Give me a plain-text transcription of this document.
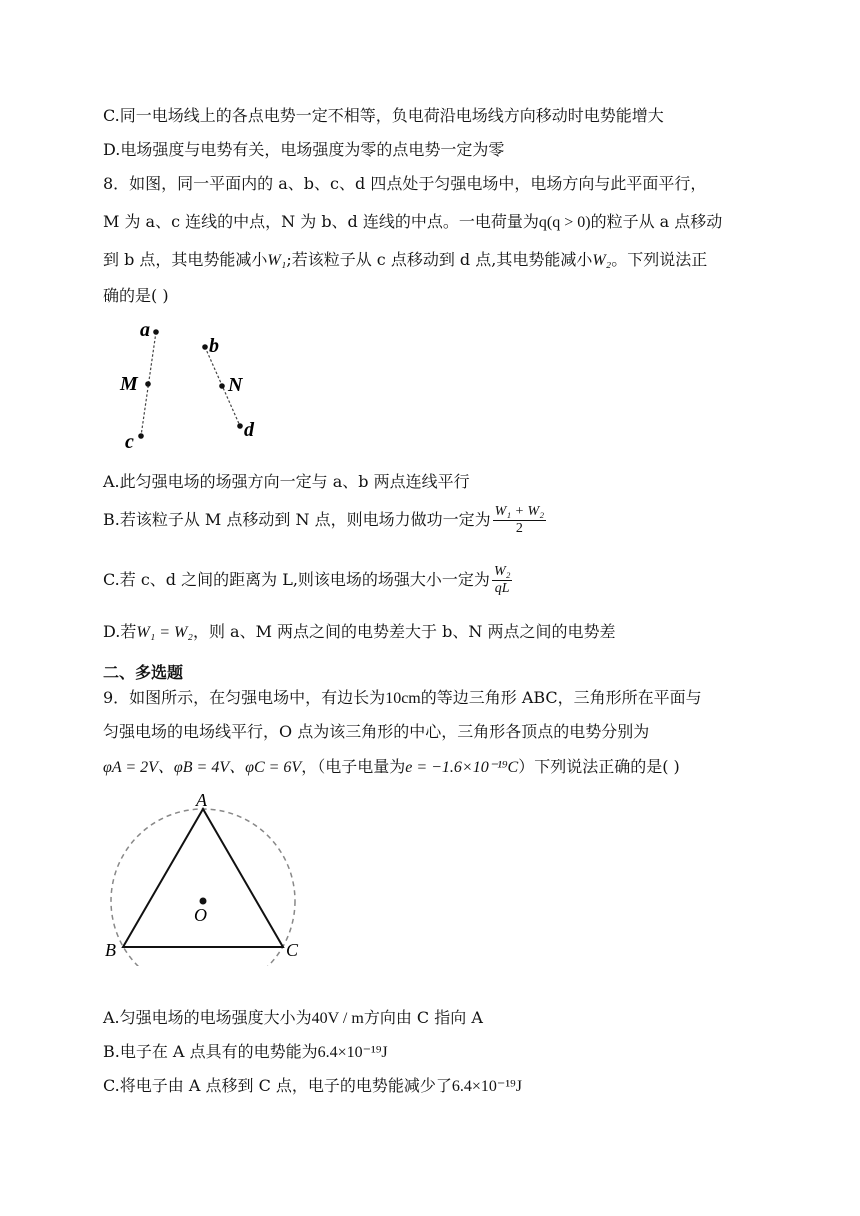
C.同一电场线上的各点电势一定不相等，负电荷沿电场线方向移动时电势能增大
D.电场强度与电势有关，电场强度为零的点电势一定为零
8．如图，同一平面内的 a、b、c、d 四点处于匀强电场中，电场方向与此平面平行，
M 为 a、c 连线的中点，N 为 b、d 连线的中点。一电荷量为q(q > 0)的粒子从 a 点移动
到 b 点，其电势能减小W₁;若该粒子从 c 点移动到 d 点,其电势能减小W₂。下列说法正
确的是( )
a
M
c
b
N
d
A.此匀强电场的场强方向一定与 a、b 两点连线平行
B.若该粒子从 M 点移动到 N 点，则电场力做功一定为 $\frac{\text{W₁ + W₂}}{2}$
C.若 c、d 之间的距离为 L,则该电场的场强大小一定为 $\frac{\text{W₂}}{qL}$
D.若W₁ = W₂，则 a、M 两点之间的电势差大于 b、N 两点之间的电势差
二、多选题
9．如图所示，在匀强电场中，有边长为10cm的等边三角形 ABC，三角形所在平面与
匀强电场的电场线平行，O 点为该三角形的中心，三角形各顶点的电势分别为
φA = 2V、φB = 4V、φC = 6V，（电子电量为e = −1.6×10⁻¹⁹C）下列说法正确的是( )
A
B	C
O
A.匀强电场的电场强度大小为40V / m方向由 C 指向 A
B.电子在 A 点具有的电势能为6.4×10⁻¹⁹J
C.将电子由 A 点移到 C 点，电子的电势能减少了6.4×10⁻¹⁹J
